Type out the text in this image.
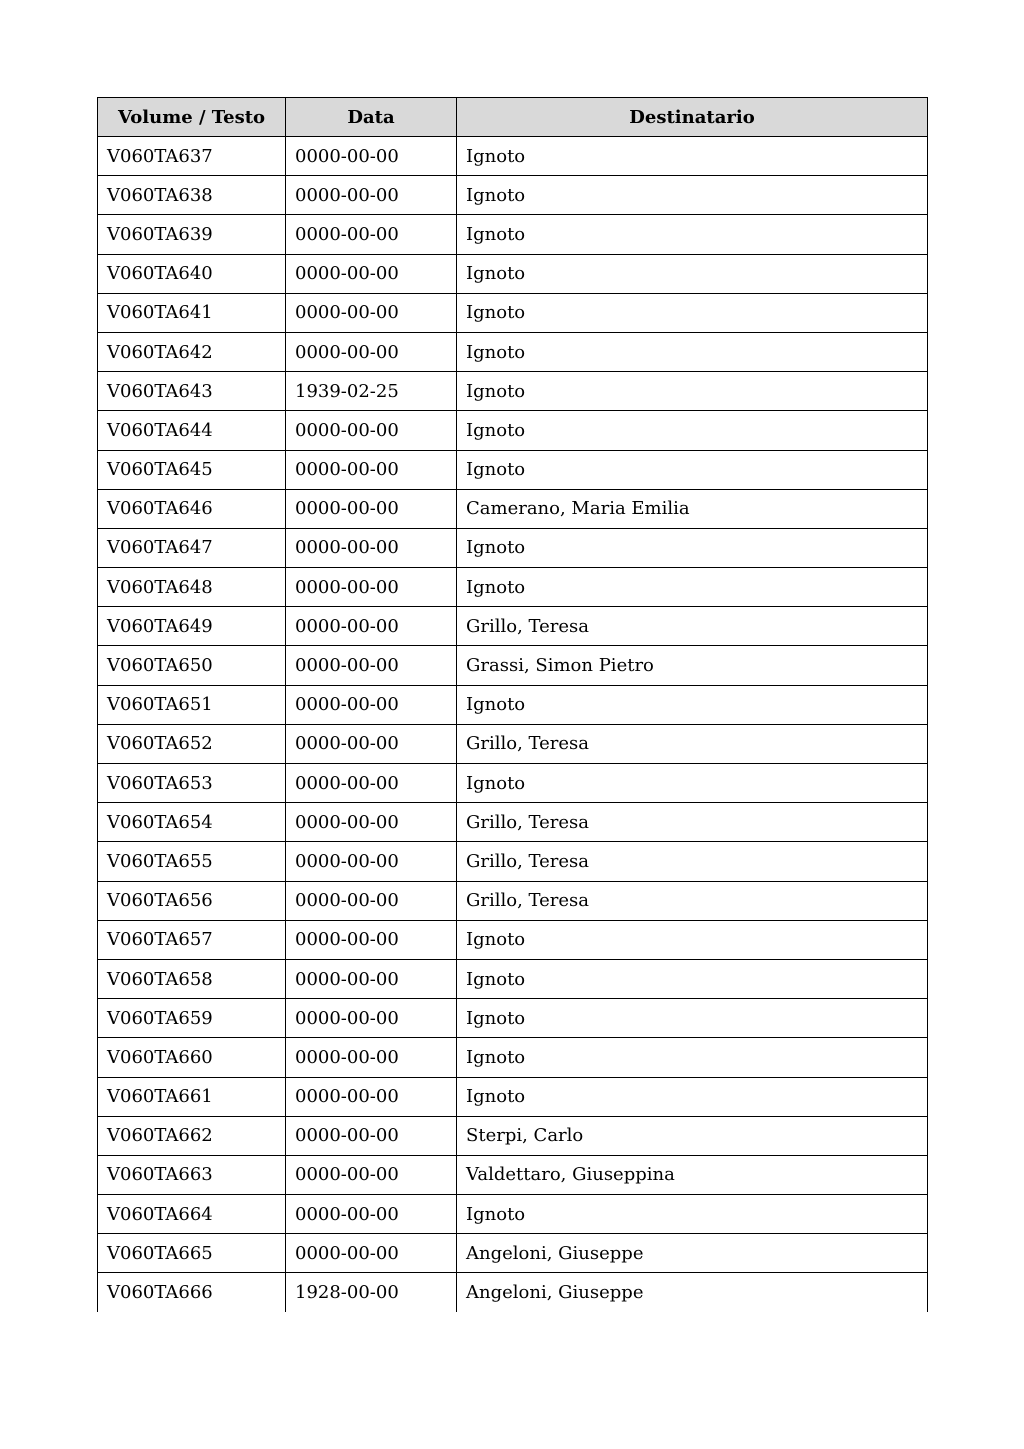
Volume / Testo	Data	Destinatario
V060TA637	0000-00-00	Ignoto
V060TA638	0000-00-00	Ignoto
V060TA639	0000-00-00	Ignoto
V060TA640	0000-00-00	Ignoto
V060TA641	0000-00-00	Ignoto
V060TA642	0000-00-00	Ignoto
V060TA643	1939-02-25	Ignoto
V060TA644	0000-00-00	Ignoto
V060TA645	0000-00-00	Ignoto
V060TA646	0000-00-00	Camerano, Maria Emilia
V060TA647	0000-00-00	Ignoto
V060TA648	0000-00-00	Ignoto
V060TA649	0000-00-00	Grillo, Teresa
V060TA650	0000-00-00	Grassi, Simon Pietro
V060TA651	0000-00-00	Ignoto
V060TA652	0000-00-00	Grillo, Teresa
V060TA653	0000-00-00	Ignoto
V060TA654	0000-00-00	Grillo, Teresa
V060TA655	0000-00-00	Grillo, Teresa
V060TA656	0000-00-00	Grillo, Teresa
V060TA657	0000-00-00	Ignoto
V060TA658	0000-00-00	Ignoto
V060TA659	0000-00-00	Ignoto
V060TA660	0000-00-00	Ignoto
V060TA661	0000-00-00	Ignoto
V060TA662	0000-00-00	Sterpi, Carlo
V060TA663	0000-00-00	Valdettaro, Giuseppina
V060TA664	0000-00-00	Ignoto
V060TA665	0000-00-00	Angeloni, Giuseppe
V060TA666	1928-00-00	Angeloni, Giuseppe
